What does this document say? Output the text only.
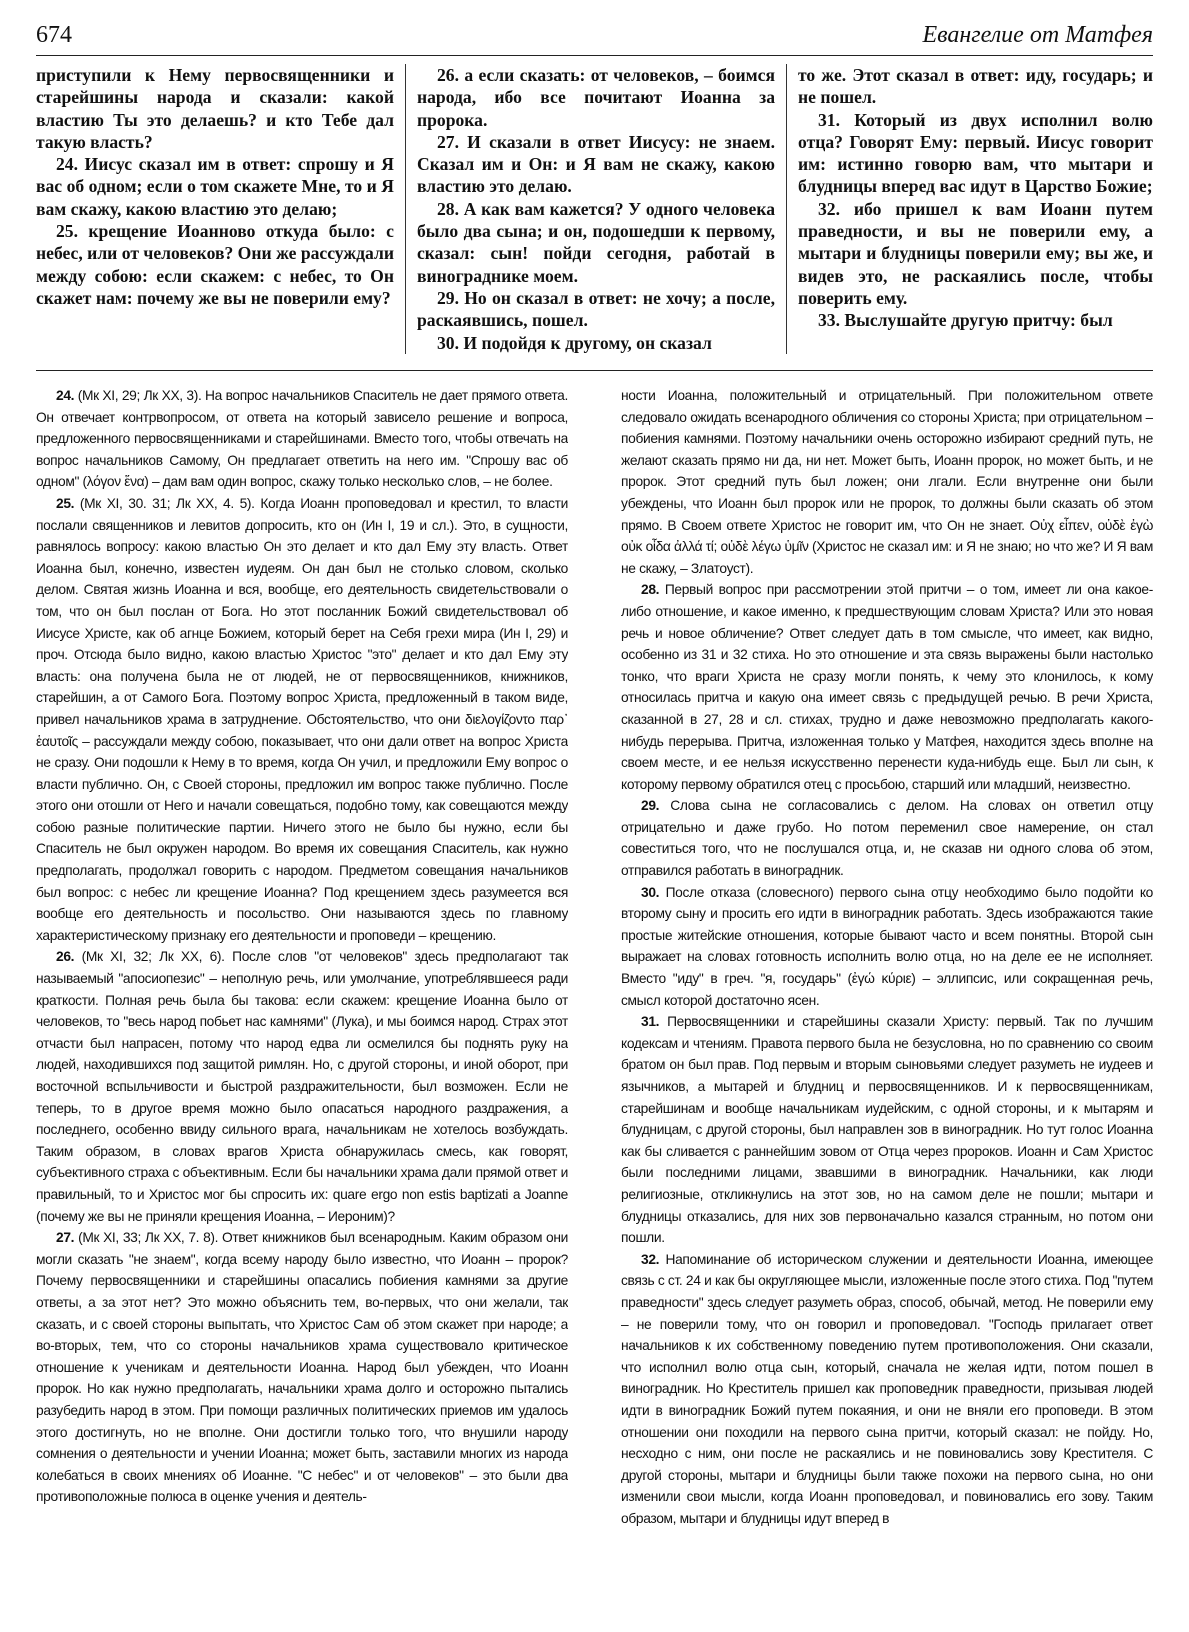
674	Евангелие от Матфея

приступили к Нему первосвященники и старейшины народа и сказали: какой властию Ты это делаешь? и кто Тебе дал такую власть?

24. Иисус сказал им в ответ: спрошу и Я вас об одном; если о том скажете Мне, то и Я вам скажу, какою властию это делаю;

25. крещение Иоанново откуда было: с небес, или от человеков? Они же рассуждали между собою: если скажем: с небес, то Он скажет нам: почему же вы не поверили ему?

26. а если сказать: от человеков, – боимся народа, ибо все почитают Иоанна за пророка.

27. И сказали в ответ Иисусу: не знаем. Сказал им и Он: и Я вам не скажу, какою властию это делаю.

28. А как вам кажется? У одного человека было два сына; и он, подошедши к первому, сказал: сын! пойди сегодня, работай в винограднике моем.

29. Но он сказал в ответ: не хочу; а после, раскаявшись, пошел.

30. И подойдя к другому, он сказал

то же. Этот сказал в ответ: иду, государь; и не пошел.

31. Который из двух исполнил волю отца? Говорят Ему: первый. Иисус говорит им: истинно говорю вам, что мытари и блудницы вперед вас идут в Царство Божие;

32. ибо пришел к вам Иоанн путем праведности, и вы не поверили ему, а мытари и блудницы поверили ему; вы же, и видев это, не раскаялись после, чтобы поверить ему.

33. Выслушайте другую притчу: был

24. (Мк XI, 29; Лк XX, 3). На вопрос начальников Спаситель не дает прямого ответа. Он отвечает контрвопросом, от ответа на который зависело решение и вопроса, предложенного первосвященниками и старейшинами. Вместо того, чтобы отвечать на вопрос начальников Самому, Он предлагает ответить на него им. "Спрошу вас об одном" (λόγον ἕνα) – дам вам один вопрос, скажу только несколько слов, – не более.

25. (Мк XI, 30. 31; Лк XX, 4. 5). Когда Иоанн проповедовал и крестил, то власти послали священников и левитов допросить, кто он (Ин I, 19 и сл.). Это, в сущности, равнялось вопросу: какою властью Он это делает и кто дал Ему эту власть. Ответ Иоанна был, конечно, известен иудеям. Он дан был не столько словом, сколько делом. Святая жизнь Иоанна и вся, вообще, его деятельность свидетельствовали о том, что он был послан от Бога. Но этот посланник Божий свидетельствовал об Иисусе Христе, как об агнце Божием, который берет на Себя грехи мира (Ин I, 29) и проч. Отсюда было видно, какою властью Христос "это" делает и кто дал Ему эту власть: она получена была не от людей, не от первосвященников, книжников, старейшин, а от Самого Бога. Поэтому вопрос Христа, предложенный в таком виде, привел начальников храма в затруднение. Обстоятельство, что они διελογίζοντο παρ᾽ ἑαυτοῖς – рассуждали между собою, показывает, что они дали ответ на вопрос Христа не сразу. Они подошли к Нему в то время, когда Он учил, и предложили Ему вопрос о власти публично. Он, с Своей стороны, предложил им вопрос также публично. После этого они отошли от Него и начали совещаться, подобно тому, как совещаются между собою разные политические партии. Ничего этого не было бы нужно, если бы Спаситель не был окружен народом. Во время их совещания Спаситель, как нужно предполагать, продолжал говорить с народом. Предметом совещания начальников был вопрос: с небес ли крещение Иоанна? Под крещением здесь разумеется вся вообще его деятельность и посольство. Они называются здесь по главному характеристическому признаку его деятельности и проповеди – крещению.

26. (Мк XI, 32; Лк XX, 6). После слов "от человеков" здесь предполагают так называемый "апосиопезис" – неполную речь, или умолчание, употреблявшееся ради краткости. Полная речь была бы такова: если скажем: крещение Иоанна было от человеков, то "весь народ побьет нас камнями" (Лука), и мы боимся народ. Страх этот отчасти был напрасен, потому что народ едва ли осмелился бы поднять руку на людей, находившихся под защитой римлян. Но, с другой стороны, и иной оборот, при восточной вспыльчивости и быстрой раздражительности, был возможен. Если не теперь, то в другое время можно было опасаться народного раздражения, а последнего, особенно ввиду сильного врага, начальникам не хотелось возбуждать. Таким образом, в словах врагов Христа обнаружилась смесь, как говорят, субъективного страха с объективным. Если бы начальники храма дали прямой ответ и правильный, то и Христос мог бы спросить их: quare ergo non estis baptizati a Joanne (почему же вы не приняли крещения Иоанна, – Иероним)?

27. (Мк XI, 33; Лк XX, 7. 8). Ответ книжников был всенародным. Каким образом они могли сказать "не знаем", когда всему народу было известно, что Иоанн – пророк? Почему первосвященники и старейшины опасались побиения камнями за другие ответы, а за этот нет? Это можно объяснить тем, во-первых, что они желали, так сказать, и с своей стороны выпытать, что Христос Сам об этом скажет при народе; а во-вторых, тем, что со стороны начальников храма существовало критическое отношение к ученикам и деятельности Иоанна. Народ был убежден, что Иоанн пророк. Но как нужно предполагать, начальники храма долго и осторожно пытались разубедить народ в этом. При помощи различных политических приемов им удалось этого достигнуть, но не вполне. Они достигли только того, что внушили народу сомнения о деятельности и учении Иоанна; может быть, заставили многих из народа колебаться в своих мнениях об Иоанне. "С небес" и от человеков" – это были два противоположные полюса в оценке учения и деятель-

ности Иоанна, положительный и отрицательный. При положительном ответе следовало ожидать всенародного обличения со стороны Христа; при отрицательном – побиения камнями. Поэтому начальники очень осторожно избирают средний путь, не желают сказать прямо ни да, ни нет. Может быть, Иоанн пророк, но может быть, и не пророк. Этот средний путь был ложен; они лгали. Если внутренне они были убеждены, что Иоанн был пророк или не пророк, то должны были сказать об этом прямо. В Своем ответе Христос не говорит им, что Он не знает. Οὐχ εἶπεν, οὐδὲ ἐγὼ οὐκ οἶδα ἀλλά τί; οὐδὲ λέγω ὑμῖν (Христос не сказал им: и Я не знаю; но что же? И Я вам не скажу, – Златоуст).

28. Первый вопрос при рассмотрении этой притчи – о том, имеет ли она какое-либо отношение, и какое именно, к предшествующим словам Христа? Или это новая речь и новое обличение? Ответ следует дать в том смысле, что имеет, как видно, особенно из 31 и 32 стиха. Но это отношение и эта связь выражены были настолько тонко, что враги Христа не сразу могли понять, к чему это клонилось, к кому относилась притча и какую она имеет связь с предыдущей речью. В речи Христа, сказанной в 27, 28 и сл. стихах, трудно и даже невозможно предполагать какого-нибудь перерыва. Притча, изложенная только у Матфея, находится здесь вполне на своем месте, и ее нельзя искусственно перенести куда-нибудь еще. Был ли сын, к которому первому обратился отец с просьбою, старший или младший, неизвестно.

29. Слова сына не согласовались с делом. На словах он ответил отцу отрицательно и даже грубо. Но потом переменил свое намерение, он стал совеститься того, что не послушался отца, и, не сказав ни одного слова об этом, отправился работать в виноградник.

30. После отказа (словесного) первого сына отцу необходимо было подойти ко второму сыну и просить его идти в виноградник работать. Здесь изображаются такие простые житейские отношения, которые бывают часто и всем понятны. Второй сын выражает на словах готовность исполнить волю отца, но на деле ее не исполняет. Вместо "иду" в греч. "я, государь" (ἐγώ κύριε) – эллипсис, или сокращенная речь, смысл которой достаточно ясен.

31. Первосвященники и старейшины сказали Христу: первый. Так по лучшим кодексам и чтениям. Правота первого была не безусловна, но по сравнению со своим братом он был прав. Под первым и вторым сыновьями следует разуметь не иудеев и язычников, а мытарей и блудниц и первосвященников. И к первосвященникам, старейшинам и вообще начальникам иудейским, с одной стороны, и к мытарям и блудницам, с другой стороны, был направлен зов в виноградник. Но тут голос Иоанна как бы сливается с раннейшим зовом от Отца через пророков. Иоанн и Сам Христос были последними лицами, звавшими в виноградник. Начальники, как люди религиозные, откликнулись на этот зов, но на самом деле не пошли; мытари и блудницы отказались, для них зов первоначально казался странным, но потом они пошли.

32. Напоминание об историческом служении и деятельности Иоанна, имеющее связь с ст. 24 и как бы округляющее мысли, изложенные после этого стиха. Под "путем праведности" здесь следует разуметь образ, способ, обычай, метод. Не поверили ему – не поверили тому, что он говорил и проповедовал. "Господь прилагает ответ начальников к их собственному поведению путем противоположения. Они сказали, что исполнил волю отца сын, который, сначала не желая идти, потом пошел в виноградник. Но Креститель пришел как проповедник праведности, призывая людей идти в виноградник Божий путем покаяния, и они не вняли его проповеди. В этом отношении они походили на первого сына притчи, который сказал: не пойду. Но, несходно с ним, они после не раскаялись и не повиновались зову Крестителя. С другой стороны, мытари и блудницы были также похожи на первого сына, но они изменили свои мысли, когда Иоанн проповедовал, и повиновались его зову. Таким образом, мытари и блудницы идут вперед в
